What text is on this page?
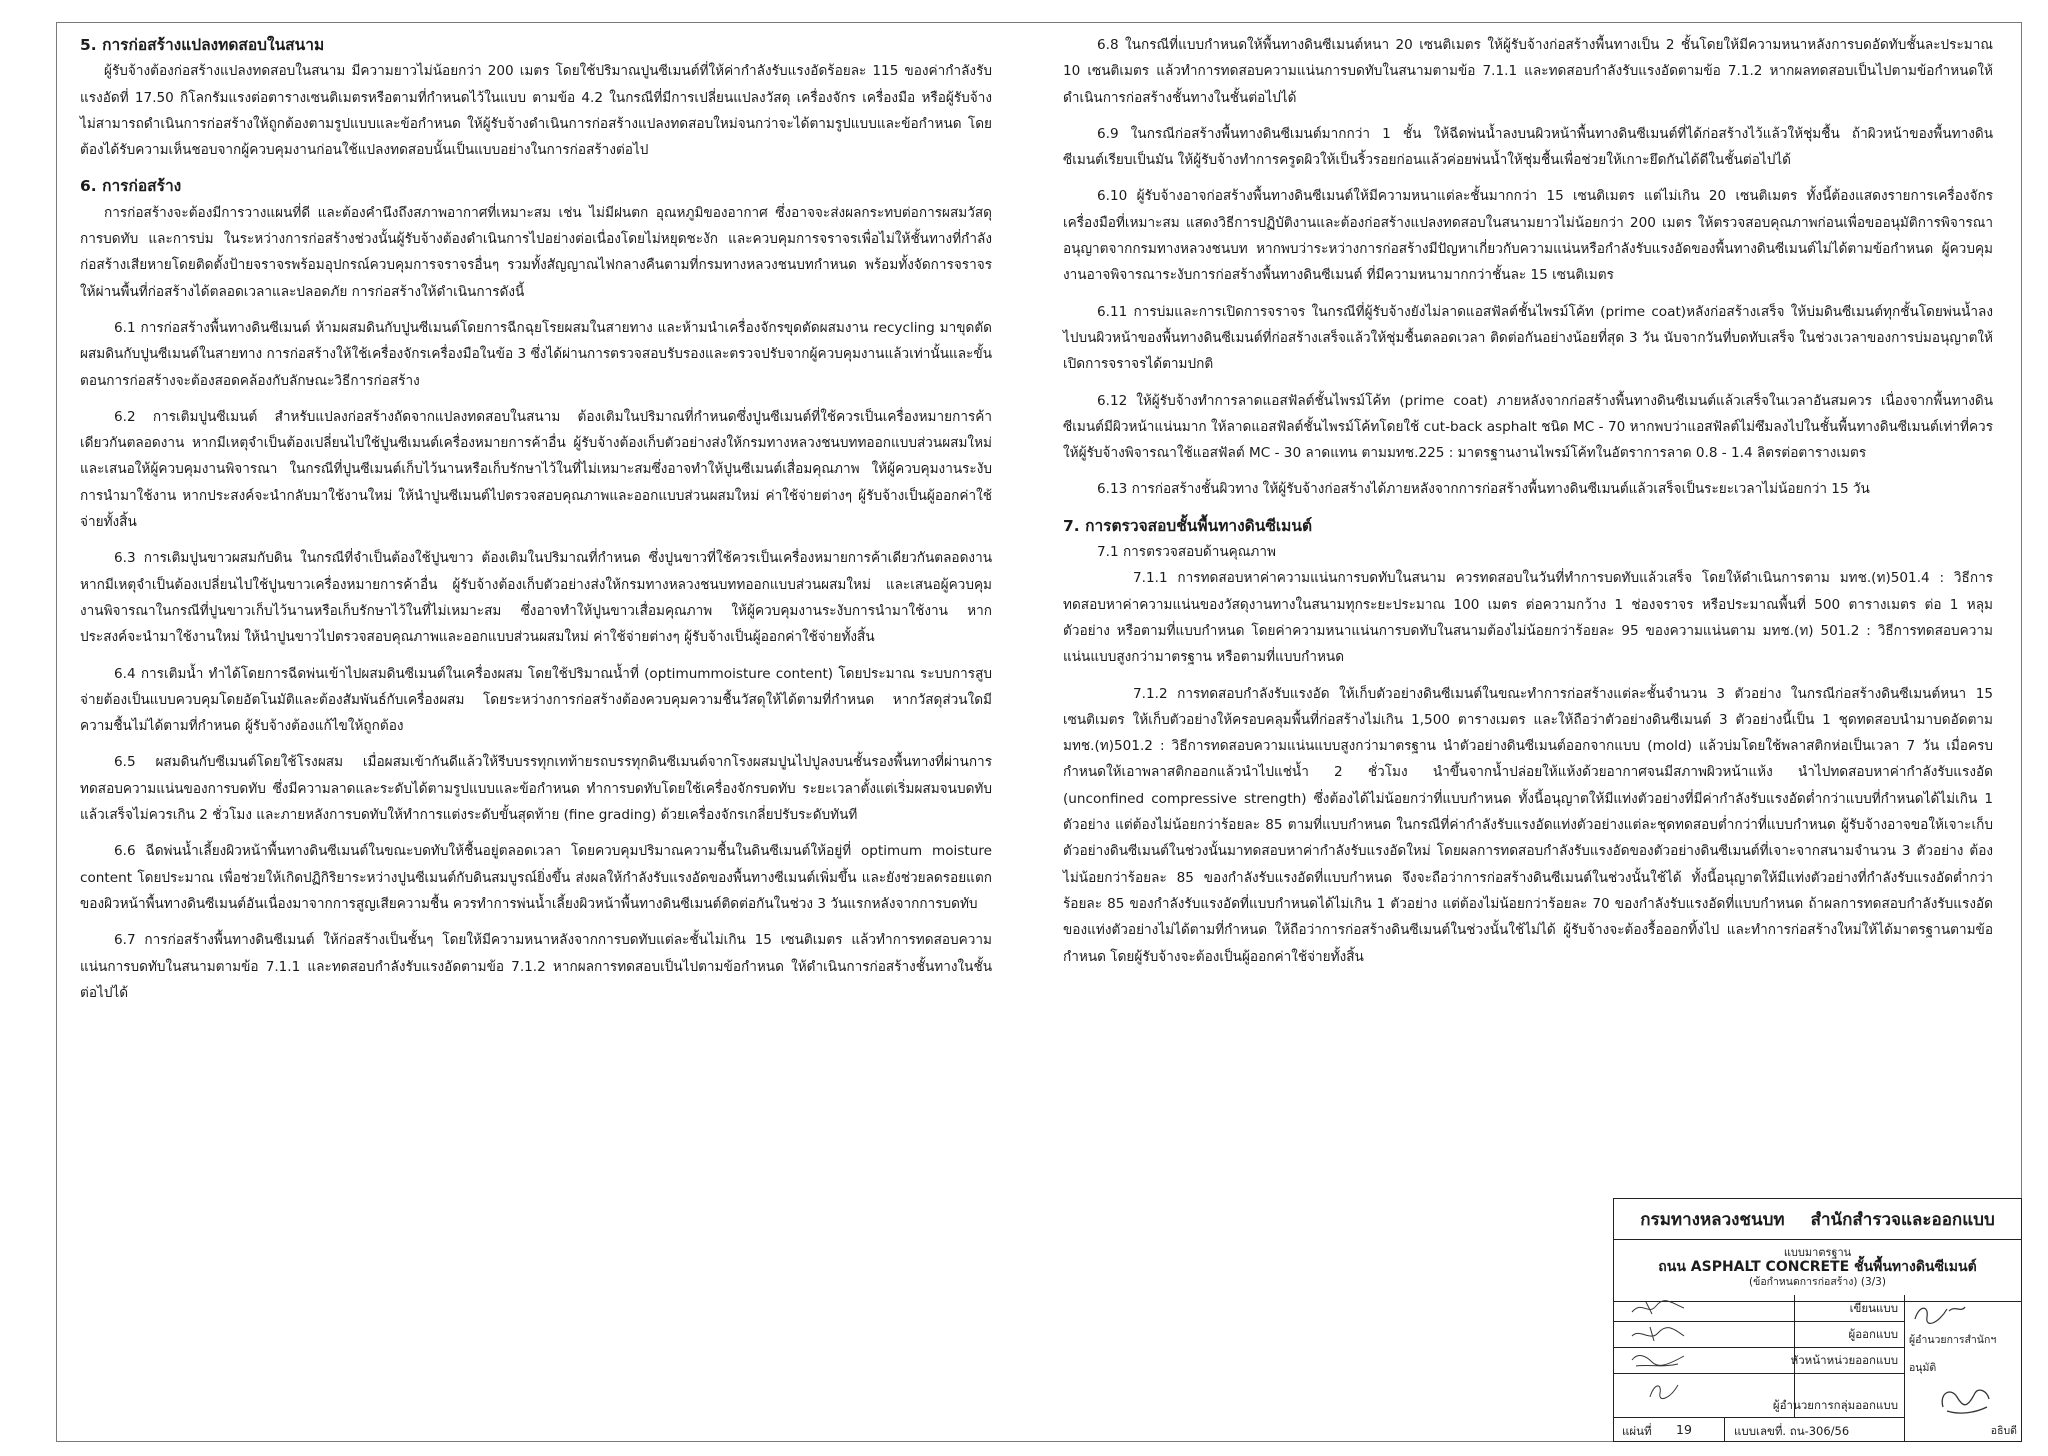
5. การก่อสร้างแปลงทดสอบในสนาม

ผู้รับจ้างต้องก่อสร้างแปลงทดสอบในสนาม มีความยาวไม่น้อยกว่า 200 เมตร โดยใช้ปริมาณปูนซีเมนต์ที่ให้ค่ากำลังรับแรงอัดร้อยละ 115 ของค่ากำลังรับแรงอัดที่ 17.50 กิโลกรัมแรงต่อตารางเซนติเมตรหรือตามที่กำหนดไว้ในแบบ ตามข้อ 4.2 ในกรณีที่มีการเปลี่ยนแปลงวัสดุ เครื่องจักร เครื่องมือ หรือผู้รับจ้างไม่สามารถดำเนินการก่อสร้างให้ถูกต้องตามรูปแบบและข้อกำหนด ให้ผู้รับจ้างดำเนินการก่อสร้างแปลงทดสอบใหม่จนกว่าจะได้ตามรูปแบบและข้อกำหนด โดยต้องได้รับความเห็นชอบจากผู้ควบคุมงานก่อนใช้แปลงทดสอบนั้นเป็นแบบอย่างในการก่อสร้างต่อไป

6. การก่อสร้าง

การก่อสร้างจะต้องมีการวางแผนที่ดี และต้องคำนึงถึงสภาพอากาศที่เหมาะสม เช่น ไม่มีฝนตก อุณหภูมิของอากาศ ซึ่งอาจจะส่งผลกระทบต่อการผสมวัสดุ การบดทับ และการบ่ม ในระหว่างการก่อสร้างช่วงนั้นผู้รับจ้างต้องดำเนินการไปอย่างต่อเนื่องโดยไม่หยุดชะงัก และควบคุมการจราจรเพื่อไม่ให้ชั้นทางที่กำลังก่อสร้างเสียหายโดยติดตั้งป้ายจราจรพร้อมอุปกรณ์ควบคุมการจราจรอื่นๆ รวมทั้งสัญญาณไฟกลางคืนตามที่กรมทางหลวงชนบทกำหนด พร้อมทั้งจัดการจราจรให้ผ่านพื้นที่ก่อสร้างได้ตลอดเวลาและปลอดภัย การก่อสร้างให้ดำเนินการดังนี้

6.1 การก่อสร้างพื้นทางดินซีเมนต์ ห้ามผสมดินกับปูนซีเมนต์โดยการฉีกฉุยโรยผสมในสายทาง และห้ามนำเครื่องจักรขุดตัดผสมงาน recycling มาขุดตัดผสมดินกับปูนซีเมนต์ในสายทาง การก่อสร้างให้ใช้เครื่องจักรเครื่องมือในข้อ 3 ซึ่งได้ผ่านการตรวจสอบรับรองและตรวจปรับจากผู้ควบคุมงานแล้วเท่านั้นและขั้นตอนการก่อสร้างจะต้องสอดคล้องกับลักษณะวิธีการก่อสร้าง

6.2 การเติมปูนซีเมนต์ สำหรับแปลงก่อสร้างถัดจากแปลงทดสอบในสนาม ต้องเติมในปริมาณที่กำหนดซึ่งปูนซีเมนต์ที่ใช้ควรเป็นเครื่องหมายการค้าเดียวกันตลอดงาน หากมีเหตุจำเป็นต้องเปลี่ยนไปใช้ปูนซีเมนต์เครื่องหมายการค้าอื่น ผู้รับจ้างต้องเก็บตัวอย่างส่งให้กรมทางหลวงชนบททออกแบบส่วนผสมใหม่ และเสนอให้ผู้ควบคุมงานพิจารณา ในกรณีที่ปูนซีเมนต์เก็บไว้นานหรือเก็บรักษาไว้ในที่ไม่เหมาะสมซึ่งอาจทำให้ปูนซีเมนต์เสื่อมคุณภาพ ให้ผู้ควบคุมงานระงับการนำมาใช้งาน หากประสงค์จะนำกลับมาใช้งานใหม่ ให้นำปูนซีเมนต์ไปตรวจสอบคุณภาพและออกแบบส่วนผสมใหม่ ค่าใช้จ่ายต่างๆ ผู้รับจ้างเป็นผู้ออกค่าใช้จ่ายทั้งสิ้น

6.3 การเติมปูนขาวผสมกับดิน ในกรณีที่จำเป็นต้องใช้ปูนขาว ต้องเติมในปริมาณที่กำหนด ซึ่งปูนขาวที่ใช้ควรเป็นเครื่องหมายการค้าเดียวกันตลอดงาน หากมีเหตุจำเป็นต้องเปลี่ยนไปใช้ปูนขาวเครื่องหมายการค้าอื่น ผู้รับจ้างต้องเก็บตัวอย่างส่งให้กรมทางหลวงชนบททออกแบบส่วนผสมใหม่ และเสนอผู้ควบคุมงานพิจารณาในกรณีที่ปูนขาวเก็บไว้นานหรือเก็บรักษาไว้ในที่ไม่เหมาะสม ซึ่งอาจทำให้ปูนขาวเสื่อมคุณภาพ ให้ผู้ควบคุมงานระงับการนำมาใช้งาน หากประสงค์จะนำมาใช้งานใหม่ ให้นำปูนขาวไปตรวจสอบคุณภาพและออกแบบส่วนผสมใหม่ ค่าใช้จ่ายต่างๆ ผู้รับจ้างเป็นผู้ออกค่าใช้จ่ายทั้งสิ้น

6.4 การเติมน้ำ ทำได้โดยการฉีดพ่นเข้าไปผสมดินซีเมนต์ในเครื่องผสม โดยใช้ปริมาณน้ำที่ (optimummoisture content) โดยประมาณ ระบบการสูบจ่ายต้องเป็นแบบควบคุมโดยอัตโนมัติและต้องสัมพันธ์กับเครื่องผสม โดยระหว่างการก่อสร้างต้องควบคุมความชื้นวัสดุให้ได้ตามที่กำหนด หากวัสดุส่วนใดมีความชื้นไม่ได้ตามที่กำหนด ผู้รับจ้างต้องแก้ไขให้ถูกต้อง

6.5 ผสมดินกับซีเมนต์โดยใช้โรงผสม เมื่อผสมเข้ากันดีแล้วให้รีบบรรทุกเทท้ายรถบรรทุกดินซีเมนต์จากโรงผสมปูนไปปูลงบนชั้นรองพื้นทางที่ผ่านการทดสอบความแน่นของการบดทับ ซึ่งมีความลาดและระดับได้ตามรูปแบบและข้อกำหนด ทำการบดทับโดยใช้เครื่องจักรบดทับ ระยะเวลาตั้งแต่เริ่มผสมจนบดทับแล้วเสร็จไม่ควรเกิน 2 ชั่วโมง และภายหลังการบดทับให้ทำการแต่งระดับขั้นสุดท้าย (fine grading) ด้วยเครื่องจักรเกลี่ยปรับระดับทันที

6.6 ฉีดพ่นน้ำเลี้ยงผิวหน้าพื้นทางดินซีเมนต์ในขณะบดทับให้ชื้นอยู่ตลอดเวลา โดยควบคุมปริมาณความชื้นในดินซีเมนต์ให้อยู่ที่ optimum moisture content โดยประมาณ เพื่อช่วยให้เกิดปฏิกิริยาระหว่างปูนซีเมนต์กับดินสมบูรณ์ยิ่งขึ้น ส่งผลให้กำลังรับแรงอัดของพื้นทางซีเมนต์เพิ่มขึ้น และยังช่วยลดรอยแตกของผิวหน้าพื้นทางดินซีเมนต์อันเนื่องมาจากการสูญเสียความชื้น ควรทำการพ่นน้ำเลี้ยงผิวหน้าพื้นทางดินซีเมนต์ติดต่อกันในช่วง 3 วันแรกหลังจากการบดทับ

6.7 การก่อสร้างพื้นทางดินซีเมนต์ ให้ก่อสร้างเป็นชั้นๆ โดยให้มีความหนาหลังจากการบดทับแต่ละชั้นไม่เกิน 15 เซนติเมตร แล้วทำการทดสอบความแน่นการบดทับในสนามตามข้อ 7.1.1 และทดสอบกำลังรับแรงอัดตามข้อ 7.1.2 หากผลการทดสอบเป็นไปตามข้อกำหนด ให้ดำเนินการก่อสร้างชั้นทางในชั้นต่อไปได้

6.8 ในกรณีที่แบบกำหนดให้พื้นทางดินซีเมนต์หนา 20 เซนติเมตร ให้ผู้รับจ้างก่อสร้างพื้นทางเป็น 2 ชั้นโดยให้มีความหนาหลังการบดอัดทับชั้นละประมาณ 10 เซนติเมตร แล้วทำการทดสอบความแน่นการบดทับในสนามตามข้อ 7.1.1 และทดสอบกำลังรับแรงอัดตามข้อ 7.1.2 หากผลทดสอบเป็นไปตามข้อกำหนดให้ดำเนินการก่อสร้างชั้นทางในชั้นต่อไปได้

6.9 ในกรณีก่อสร้างพื้นทางดินซีเมนต์มากกว่า 1 ชั้น ให้ฉีดพ่นน้ำลงบนผิวหน้าพื้นทางดินซีเมนต์ที่ได้ก่อสร้างไว้แล้วให้ชุ่มชื้น ถ้าผิวหน้าของพื้นทางดินซีเมนต์เรียบเป็นมัน ให้ผู้รับจ้างทำการครูดผิวให้เป็นริ้วรอยก่อนแล้วค่อยพ่นน้ำให้ชุ่มชื้นเพื่อช่วยให้เกาะยึดกันได้ดีในชั้นต่อไปได้

6.10 ผู้รับจ้างอาจก่อสร้างพื้นทางดินซีเมนต์ให้มีความหนาแต่ละชั้นมากกว่า 15 เซนติเมตร แต่ไม่เกิน 20 เซนติเมตร ทั้งนี้ต้องแสดงรายการเครื่องจักร เครื่องมือที่เหมาะสม แสดงวิธีการปฏิบัติงานและต้องก่อสร้างแปลงทดสอบในสนามยาวไม่น้อยกว่า 200 เมตร ให้ตรวจสอบคุณภาพก่อนเพื่อขออนุมัติการพิจารณาอนุญาตจากกรมทางหลวงชนบท หากพบว่าระหว่างการก่อสร้างมีปัญหาเกี่ยวกับความแน่นหรือกำลังรับแรงอัดของพื้นทางดินซีเมนต์ไม่ได้ตามข้อกำหนด ผู้ควบคุมงานอาจพิจารณาระงับการก่อสร้างพื้นทางดินซีเมนต์ ที่มีความหนามากกว่าชั้นละ 15 เซนติเมตร

6.11 การบ่มและการเปิดการจราจร ในกรณีที่ผู้รับจ้างยังไม่ลาดแอสฟัลต์ชั้นไพรม์โค้ท (prime coat)หลังก่อสร้างเสร็จ ให้บ่มดินซีเมนต์ทุกชั้นโดยพ่นน้ำลงไปบนผิวหน้าของพื้นทางดินซีเมนต์ที่ก่อสร้างเสร็จแล้วให้ชุ่มชื้นตลอดเวลา ติดต่อกันอย่างน้อยที่สุด 3 วัน นับจากวันที่บดทับเสร็จ ในช่วงเวลาของการบ่มอนุญาตให้เปิดการจราจรได้ตามปกติ

6.12 ให้ผู้รับจ้างทำการลาดแอสฟัลต์ชั้นไพรม์โค้ท (prime coat) ภายหลังจากก่อสร้างพื้นทางดินซีเมนต์แล้วเสร็จในเวลาอันสมควร เนื่องจากพื้นทางดินซีเมนต์มีผิวหน้าแน่นมาก ให้ลาดแอสฟัลต์ชั้นไพรม์โค้ทโดยใช้ cut-back asphalt ชนิด MC - 70 หากพบว่าแอสฟัลต์ไม่ซึมลงไปในชั้นพื้นทางดินซีเมนต์เท่าที่ควร ให้ผู้รับจ้างพิจารณาใช้แอสฟัลต์ MC - 30 ลาดแทน ตามมทช.225 : มาตรฐานงานไพรม์โค้ทในอัตราการลาด 0.8 - 1.4 ลิตรต่อตารางเมตร

6.13 การก่อสร้างชั้นผิวทาง ให้ผู้รับจ้างก่อสร้างได้ภายหลังจากการก่อสร้างพื้นทางดินซีเมนต์แล้วเสร็จเป็นระยะเวลาไม่น้อยกว่า 15 วัน

7. การตรวจสอบชั้นพื้นทางดินซีเมนต์

7.1 การตรวจสอบด้านคุณภาพ

7.1.1 การทดสอบหาค่าความแน่นการบดทับในสนาม ควรทดสอบในวันที่ทำการบดทับแล้วเสร็จ โดยให้ดำเนินการตาม มทช.(ท)501.4 : วิธีการทดสอบหาค่าความแน่นของวัสดุงานทางในสนามทุกระยะประมาณ 100 เมตร ต่อความกว้าง 1 ช่องจราจร หรือประมาณพื้นที่ 500 ตารางเมตร ต่อ 1 หลุมตัวอย่าง หรือตามที่แบบกำหนด โดยค่าความหนาแน่นการบดทับในสนามต้องไม่น้อยกว่าร้อยละ 95 ของความแน่นตาม มทช.(ท) 501.2 : วิธีการทดสอบความแน่นแบบสูงกว่ามาตรฐาน หรือตามที่แบบกำหนด

7.1.2 การทดสอบกำลังรับแรงอัด ให้เก็บตัวอย่างดินซีเมนต์ในขณะทำการก่อสร้างแต่ละชั้นจำนวน 3 ตัวอย่าง ในกรณีก่อสร้างดินซีเมนต์หนา 15 เซนติเมตร ให้เก็บตัวอย่างให้ครอบคลุมพื้นที่ก่อสร้างไม่เกิน 1,500 ตารางเมตร และให้ถือว่าตัวอย่างดินซีเมนต์ 3 ตัวอย่างนี้เป็น 1 ชุดทดสอบนำมาบดอัดตาม มทช.(ท)501.2 : วิธีการทดสอบความแน่นแบบสูงกว่ามาตรฐาน นำตัวอย่างดินซีเมนต์ออกจากแบบ (mold) แล้วบ่มโดยใช้พลาสติกห่อเป็นเวลา 7 วัน เมื่อครบกำหนดให้เอาพลาสติกออกแล้วนำไปแช่น้ำ 2 ชั่วโมง นำขึ้นจากน้ำปล่อยให้แห้งด้วยอากาศจนมีสภาพผิวหน้าแห้ง นำไปทดสอบหาค่ากำลังรับแรงอัด (unconfined compressive strength) ซึ่งต้องได้ไม่น้อยกว่าที่แบบกำหนด ทั้งนี้อนุญาตให้มีแท่งตัวอย่างที่มีค่ากำลังรับแรงอัดต่ำกว่าแบบที่กำหนดได้ไม่เกิน 1 ตัวอย่าง แต่ต้องไม่น้อยกว่าร้อยละ 85 ตามที่แบบกำหนด ในกรณีที่ค่ากำลังรับแรงอัดแท่งตัวอย่างแต่ละชุดทดสอบต่ำกว่าที่แบบกำหนด ผู้รับจ้างอาจขอให้เจาะเก็บตัวอย่างดินซีเมนต์ในช่วงนั้นมาทดสอบหาค่ากำลังรับแรงอัดใหม่ โดยผลการทดสอบกำลังรับแรงอัดของตัวอย่างดินซีเมนต์ที่เจาะจากสนามจำนวน 3 ตัวอย่าง ต้องไม่น้อยกว่าร้อยละ 85 ของกำลังรับแรงอัดที่แบบกำหนด จึงจะถือว่าการก่อสร้างดินซีเมนต์ในช่วงนั้นใช้ได้ ทั้งนี้อนุญาตให้มีแท่งตัวอย่างที่กำลังรับแรงอัดต่ำกว่าร้อยละ 85 ของกำลังรับแรงอัดที่แบบกำหนดได้ไม่เกิน 1 ตัวอย่าง แต่ต้องไม่น้อยกว่าร้อยละ 70 ของกำลังรับแรงอัดที่แบบกำหนด ถ้าผลการทดสอบกำลังรับแรงอัดของแท่งตัวอย่างไม่ได้ตามที่กำหนด ให้ถือว่าการก่อสร้างดินซีเมนต์ในช่วงนั้นใช้ไม่ได้ ผู้รับจ้างจะต้องรื้อออกทิ้งไป และทำการก่อสร้างใหม่ให้ได้มาตรฐานตามข้อกำหนด โดยผู้รับจ้างจะต้องเป็นผู้ออกค่าใช้จ่ายทั้งสิ้น

กรมทางหลวงชนบท สำนักสำรวจและออกแบบ
แบบมาตรฐาน
ถนน ASPHALT CONCRETE ชั้นพื้นทางดินซีเมนต์
(ข้อกำหนดการก่อสร้าง) (3/3)
เขียนแบบ
ผู้ออกแบบ
หัวหน้าหน่วยออกแบบ
ผู้อำนวยการกลุ่มออกแบบ
ผู้อำนวยการสำนักฯ
อนุมัติ
อธิบดี
แผ่นที่ 19	แบบเลขที่. ถน-306/56
